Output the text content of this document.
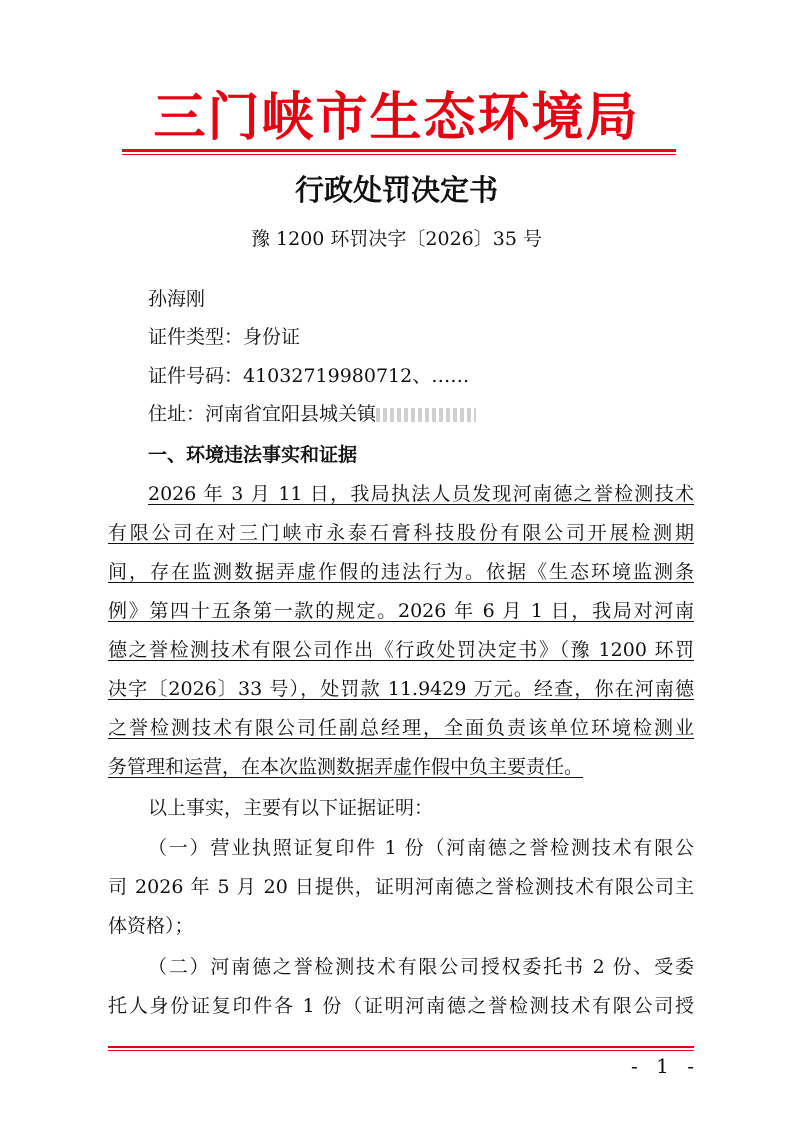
三门峡市生态环境局
行政处罚决定书
豫 1200 环罚决字〔2026〕35 号
孙海刚
证件类型：身份证
证件号码：41032719980712、……
住址：河南省宜阳县城关镇
一、环境违法事实和证据
2026 年 3 月 11 日，我局执法人员发现河南德之誉检测技术
有限公司在对三门峡市永泰石膏科技股份有限公司开展检测期
间，存在监测数据弄虚作假的违法行为。依据《生态环境监测条
例》第四十五条第一款的规定。2026 年 6 月 1 日，我局对河南
德之誉检测技术有限公司作出《行政处罚决定书》（豫 1200 环罚
决字〔2026〕33 号），处罚款 11.9429 万元。经查，你在河南德
之誉检测技术有限公司任副总经理，全面负责该单位环境检测业
务管理和运营，在本次监测数据弄虚作假中负主要责任。
以上事实，主要有以下证据证明：
（一）营业执照证复印件 1 份（河南德之誉检测技术有限公
司 2026 年 5 月 20 日提供，证明河南德之誉检测技术有限公司主
体资格）；
（二）河南德之誉检测技术有限公司授权委托书 2 份、受委
托人身份证复印件各 1 份（证明河南德之誉检测技术有限公司授
- 1 -
